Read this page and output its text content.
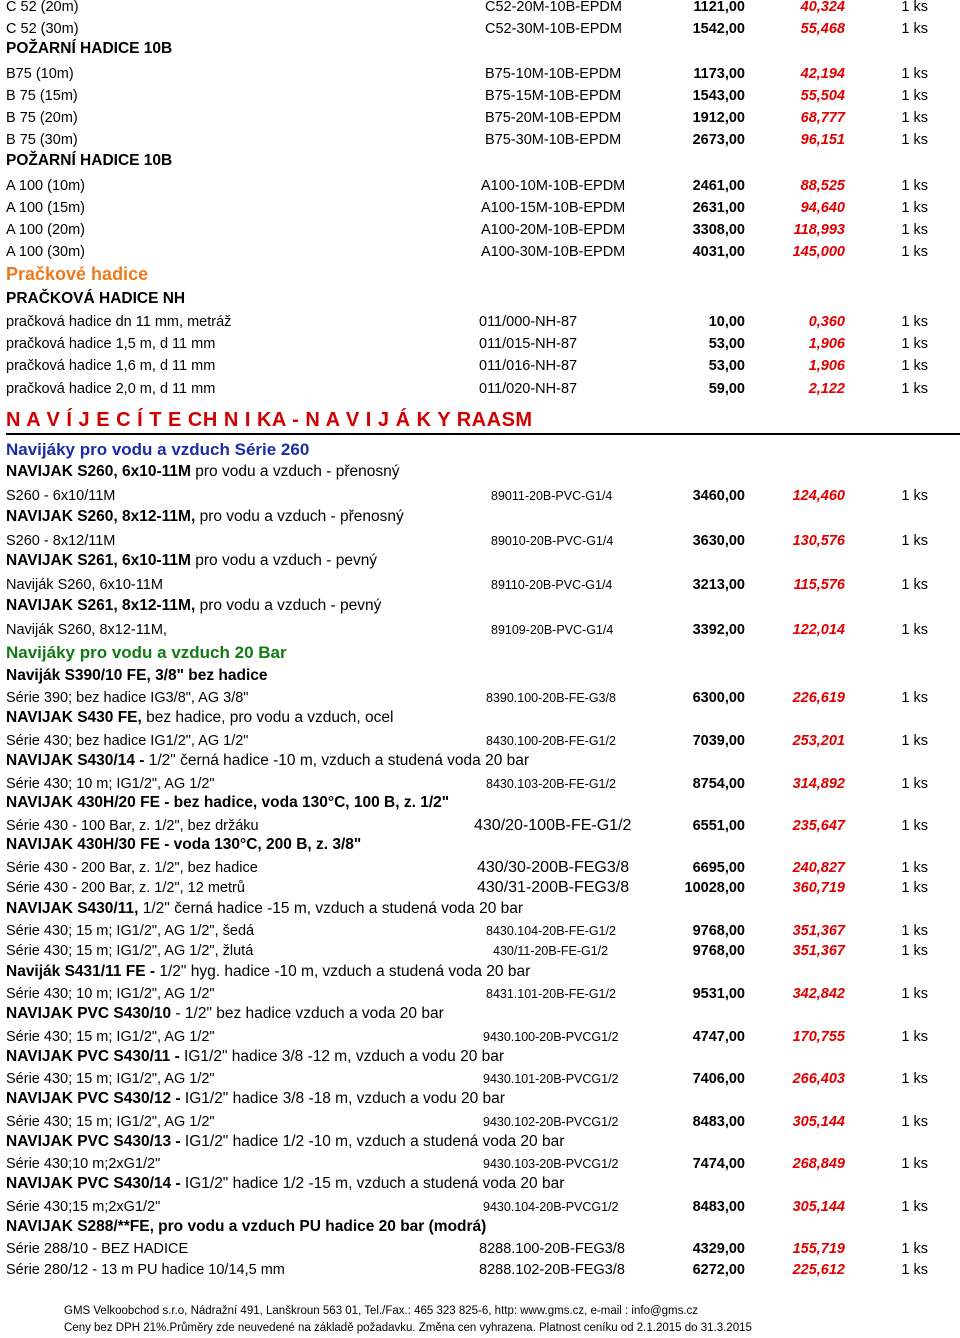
POŽARNÍ HADICE 10B
POŽARNÍ HADICE 10B
Pračkové hadice
PRAČKOVÁ HADICE NH
N A V Í J E C Í T E CH N I KA - N A V I J Á K Y RAASM
Navijáky pro vodu a vzduch Série 260
Navijáky pro vodu a vzduch 20 Bar
NAVIJAK S260, 6x10-11M pro vodu a vzduch - přenosný
NAVIJAK S260, 8x12-11M, pro vodu a vzduch - přenosný
NAVIJAK S261, 6x10-11M pro vodu a vzduch - pevný
NAVIJAK S261, 8x12-11M, pro vodu a vzduch - pevný
Naviják S390/10 FE, 3/8" bez hadice
NAVIJAK S430 FE, bez hadice, pro vodu a vzduch, ocel
NAVIJAK S430/14 - 1/2" černá hadice -10 m, vzduch a studená voda 20 bar
NAVIJAK 430H/20 FE - bez hadice, voda 130°C, 100 B, z. 1/2"
NAVIJAK 430H/30 FE - voda 130°C, 200 B, z. 3/8"
NAVIJAK S430/11, 1/2" černá hadice -15 m, vzduch a studená voda 20 bar
Naviják S431/11 FE - 1/2" hyg. hadice -10 m, vzduch a studená voda 20 bar
NAVIJAK PVC S430/10 - 1/2" bez hadice vzduch a voda 20 bar
NAVIJAK PVC S430/11 - IG1/2" hadice 3/8 -12 m, vzduch a vodu 20 bar
NAVIJAK PVC S430/12 - IG1/2" hadice 3/8 -18 m, vzduch a vodu 20 bar
NAVIJAK PVC S430/13 - IG1/2" hadice 1/2 -10 m, vzduch a studená voda 20 bar
NAVIJAK PVC S430/14 - IG1/2" hadice 1/2 -15 m, vzduch a studená voda 20 bar
NAVIJAK S288/**FE, pro vodu a vzduch PU hadice 20 bar (modrá)
GMS Velkoobchod s.r.o, Nádražní 491, Lanškroun 563 01, Tel./Fax.: 465 323 825-6, http: www.gms.cz, e-mail : info@gms.cz
Ceny bez DPH 21%.Průměry zde neuvedené na základě požadavku. Změna cen vyhrazena. Platnost ceníku od 2.1.2015 do 31.3.2015
C 52 (20m)	C52-20M-10B-EPDM	1121,00	40,324	1 ks
C 52 (30m)	C52-30M-10B-EPDM	1542,00	55,468	1 ks
B75 (10m)	B75-10M-10B-EPDM	1173,00	42,194	1 ks
B 75 (15m)	B75-15M-10B-EPDM	1543,00	55,504	1 ks
B 75 (20m)	B75-20M-10B-EPDM	1912,00	68,777	1 ks
B 75 (30m)	B75-30M-10B-EPDM	2673,00	96,151	1 ks
A 100 (10m)	A100-10M-10B-EPDM	2461,00	88,525	1 ks
A 100 (15m)	A100-15M-10B-EPDM	2631,00	94,640	1 ks
A 100 (20m)	A100-20M-10B-EPDM	3308,00	118,993	1 ks
A 100 (30m)	A100-30M-10B-EPDM	4031,00	145,000	1 ks
pračková hadice dn 11 mm, metráž	011/000-NH-87	10,00	0,360	1 ks
pračková hadice 1,5 m, d 11 mm	011/015-NH-87	53,00	1,906	1 ks
pračková hadice 1,6 m, d 11 mm	011/016-NH-87	53,00	1,906	1 ks
pračková hadice 2,0 m, d 11 mm	011/020-NH-87	59,00	2,122	1 ks
S260 - 6x10/11M	89011-20B-PVC-G1/4	3460,00	124,460	1 ks
S260 - 8x12/11M	89010-20B-PVC-G1/4	3630,00	130,576	1 ks
Naviják S260, 6x10-11M	89110-20B-PVC-G1/4	3213,00	115,576	1 ks
Naviják S260, 8x12-11M,	89109-20B-PVC-G1/4	3392,00	122,014	1 ks
Série 390; bez hadice IG3/8", AG 3/8"	8390.100-20B-FE-G3/8	6300,00	226,619	1 ks
Série 430; bez hadice IG1/2", AG 1/2"	8430.100-20B-FE-G1/2	7039,00	253,201	1 ks
Série 430; 10 m; IG1/2", AG 1/2"	8430.103-20B-FE-G1/2	8754,00	314,892	1 ks
Série 430 - 100 Bar, z. 1/2", bez držáku	430/20-100B-FE-G1/2	6551,00	235,647	1 ks
Série 430 - 200 Bar, z. 1/2", bez hadice	430/30-200B-FEG3/8	6695,00	240,827	1 ks
Série 430 - 200 Bar, z. 1/2", 12 metrů	430/31-200B-FEG3/8	10028,00	360,719	1 ks
Série 430; 15 m; IG1/2", AG 1/2", šedá	8430.104-20B-FE-G1/2	9768,00	351,367	1 ks
Série 430; 15 m; IG1/2", AG 1/2", žlutá	430/11-20B-FE-G1/2	9768,00	351,367	1 ks
Série 430; 10 m; IG1/2", AG 1/2"	8431.101-20B-FE-G1/2	9531,00	342,842	1 ks
Série 430; 15 m; IG1/2", AG 1/2"	9430.100-20B-PVCG1/2	4747,00	170,755	1 ks
Série 430; 15 m; IG1/2", AG 1/2"	9430.101-20B-PVCG1/2	7406,00	266,403	1 ks
Série 430; 15 m; IG1/2", AG 1/2"	9430.102-20B-PVCG1/2	8483,00	305,144	1 ks
Série 430;10 m;2xG1/2"	9430.103-20B-PVCG1/2	7474,00	268,849	1 ks
Série 430;15 m;2xG1/2"	9430.104-20B-PVCG1/2	8483,00	305,144	1 ks
Série 288/10 - BEZ HADICE	8288.100-20B-FEG3/8	4329,00	155,719	1 ks
Série 280/12 - 13 m PU hadice 10/14,5 mm	8288.102-20B-FEG3/8	6272,00	225,612	1 ks
